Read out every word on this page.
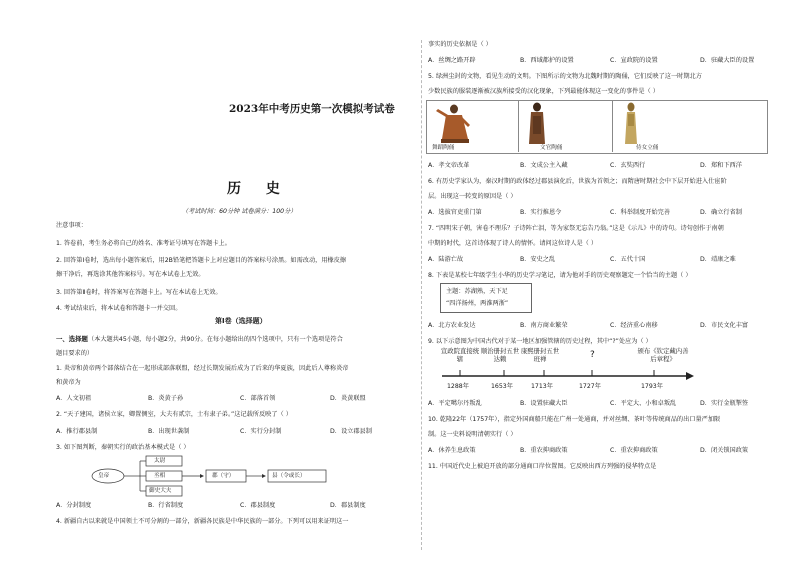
2023年中考历史第一次模拟考试卷
历 史
（考试时间：60分钟 试卷满分：100分）
注意事项：
1. 答卷前，考生务必将自己的姓名、准考证号填写在答题卡上。
2. 回答第Ⅰ卷时，选出每小题答案后，用2B铅笔把答题卡上对应题目的答案标号涂黑。如需改动，用橡皮擦
擦干净后，再选涂其他答案标号。写在本试卷上无效。
3. 回答第Ⅱ卷时，将答案写在答题卡上。写在本试卷上无效。
4. 考试结束后，将本试卷和答题卡一并交回。
第Ⅰ卷（选择题）
一、选择题（本大题共45小题，每小题2分，共90分。在每小题给出的四个选项中，只有一个选项是符合
题目要求的）
1. 炎帝和黄帝两个部落结合在一起形成部落联盟，经过长期发展后成为了后来的华夏族，因此后人尊称炎帝
和黄帝为
A．人文初祖	B．炎黄子孙	C．部落首领	D．炎黄联盟
2. “天子建国，诸侯立家，卿置侧室，大夫有贰宗，士有隶子弟。”这记载所反映了（ ）
A．推行郡县制	B．出现世袭制	C．实行分封制	D．设立郡县制
3. 如下图判断，秦朝实行的政治基本模式是（ ）
皇帝
太尉
丞相
御史大夫
郡（守）	县（令或长）
A．分封制度	B．行省制度	C．郡县制度	D．郡县制度
4. 新疆自古以来就是中国领土不可分割的一部分，新疆各民族是中华民族的一部分。下列可以用来证明这一
事实的历史依据是（ ）
A．丝绸之路开辟	B．西域都护的设置	C．宣政院的设置	D．驻藏大臣的设置
5. 绿洲尘封的文物，看见生动的文明。下图所示的文物为北魏时期的陶俑，它们反映了这一时期北方
少数民族的服装逐渐被汉族所接受的汉化现象，下列最能体现这一变化的事件是（ ）
舞蹈陶俑	文官陶俑	侍女立俑
A．孝文帝改革	B．文成公主入藏	C．玄奘西行	D．郑和下西洋
6. 有历史学家认为，秦汉时期的政体经过郡县演化后，世族为首领之；而隋唐时期社会中下层开始进入仕宦阶
层。出现这一转变的原因是（ ）
A．选拔官吏重门第	B．实行推恩令	C．科举制度开始完善	D．确立行省制
7. “四明宋子朝，害卷不理乐？子诗阵亡泪，等为家祭无忘告乃翁。”这是《示儿》中的诗句。诗句创作于南朝
中期的时代，这首诗体现了诗人的情怀。请问这位诗人是（ ）
A．陆游亡故	B．安史之乱	C．五代十国	D．靖康之难
8. 下表是某校七年级学生小华的历史学习笔记，请为他对手的历史观察题定一个恰当的主题（ ）
主题：苏湖熟，天下足
“四洋扬州，两淮两浙”
A．北方农业发达	B．南方商业繁荣	C．经济重心南移	D．市民文化丰富
9. 以下示意图为中国古代对于某一地区加强管辖的历史过程，其中“?”处应为（ ）
宣政院直接统辖
顺治册封五世达赖
康熙册封五世班禅	?	颁布《钦定藏内善后章程》
1288年	1653年	1713年	1727年	1793年
A．平定噶尔丹叛乱	B．设置驻藏大臣	C．平定大、小和卓叛乱	D．实行金瓶掣签
10. 乾隆22年（1757年），指定外国商船只能在广州一处通商，并对丝绸、茶叶等传统商品的出口量严加限
制。这一史料说明清朝实行（ ）
A．休养生息政策	B．重农抑商政策	C．重农抑商政策	D．闭关锁国政策
11. 中国近代史上被迫开放的部分通商口岸位置图。它反映出西方列强的侵华特点是
